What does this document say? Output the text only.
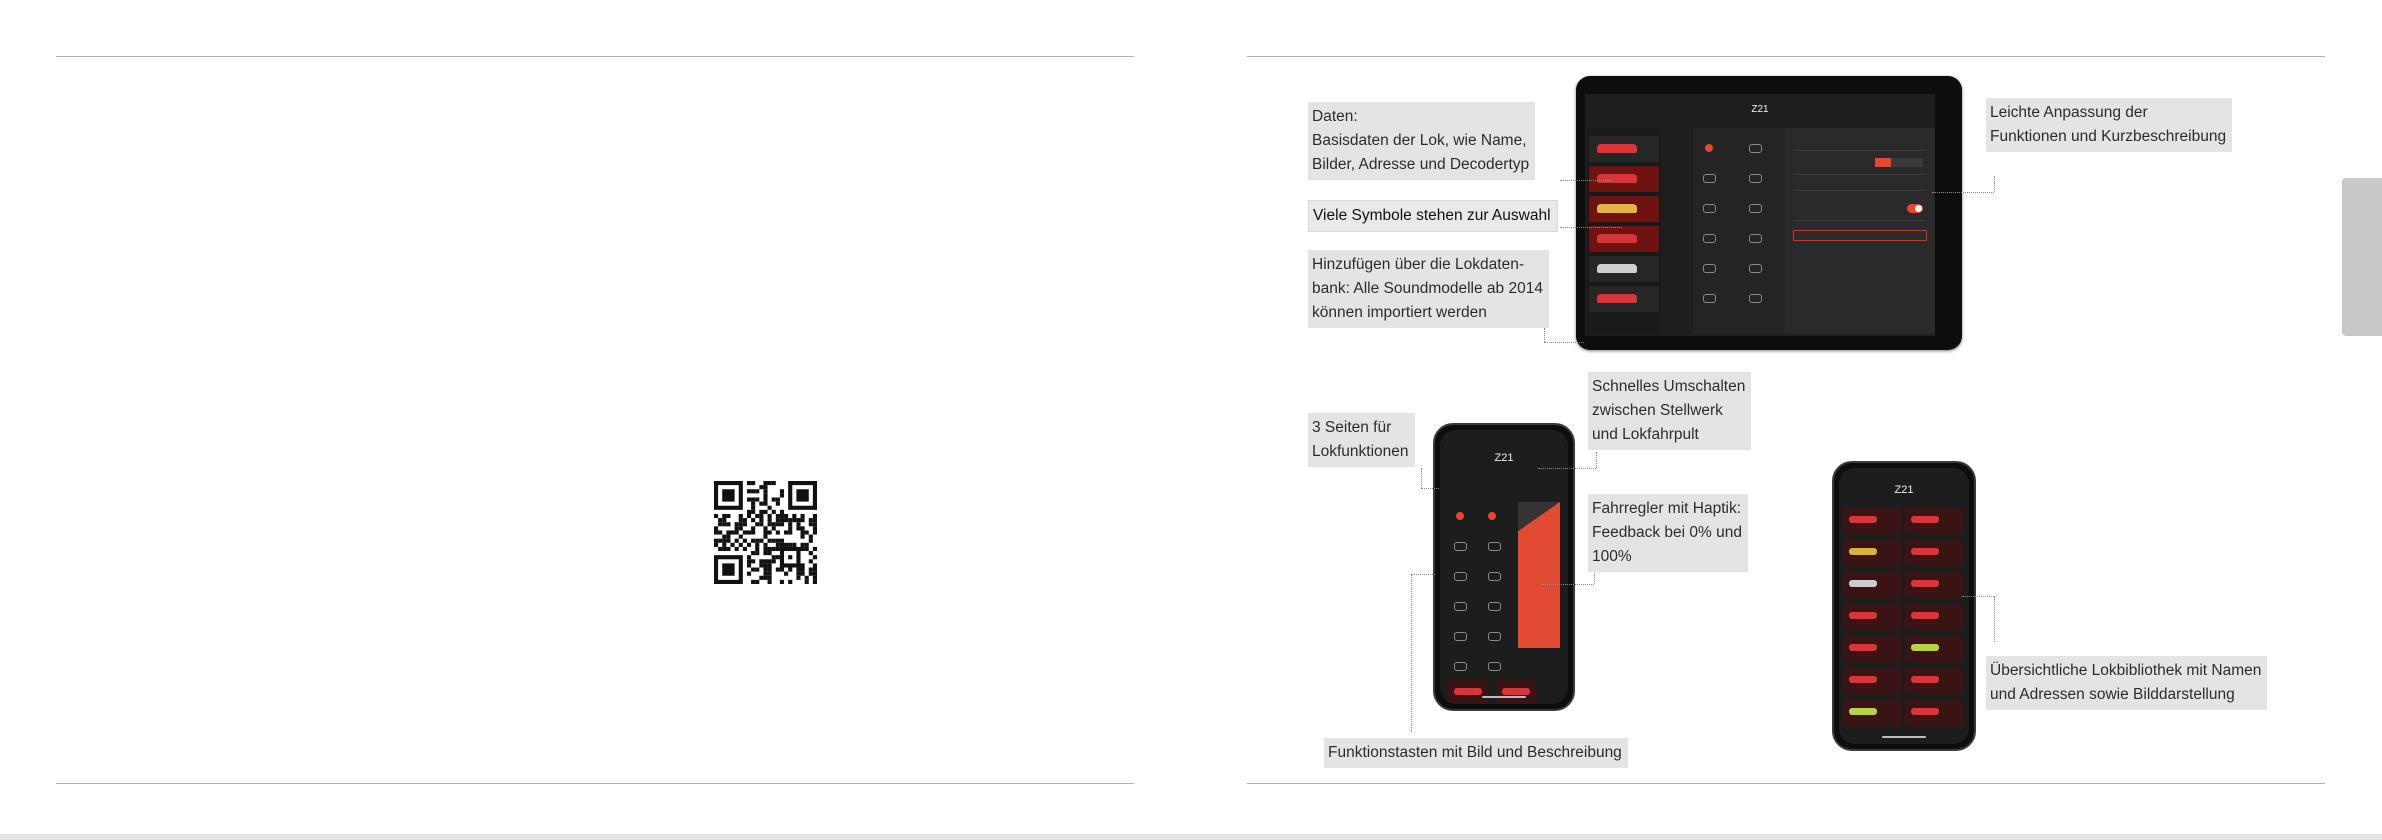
Z21
Z21
Z21
Daten:
Basisdaten der Lok, wie Name,
Bilder, Adresse und Decodertyp
Viele Symbole stehen zur Auswahl
Hinzufügen über die Lokdaten-
bank: Alle Soundmodelle ab 2014
können importiert werden
Leichte Anpassung der
Funktionen und Kurzbeschreibung
Schnelles Umschalten
zwischen Stellwerk
und Lokfahrpult
3 Seiten für
Lokfunktionen
Fahrregler mit Haptik:
Feedback bei 0% und
100%
Funktionstasten mit Bild und Beschreibung
Übersichtliche Lokbibliothek mit Namen
und Adressen sowie Bilddarstellung
